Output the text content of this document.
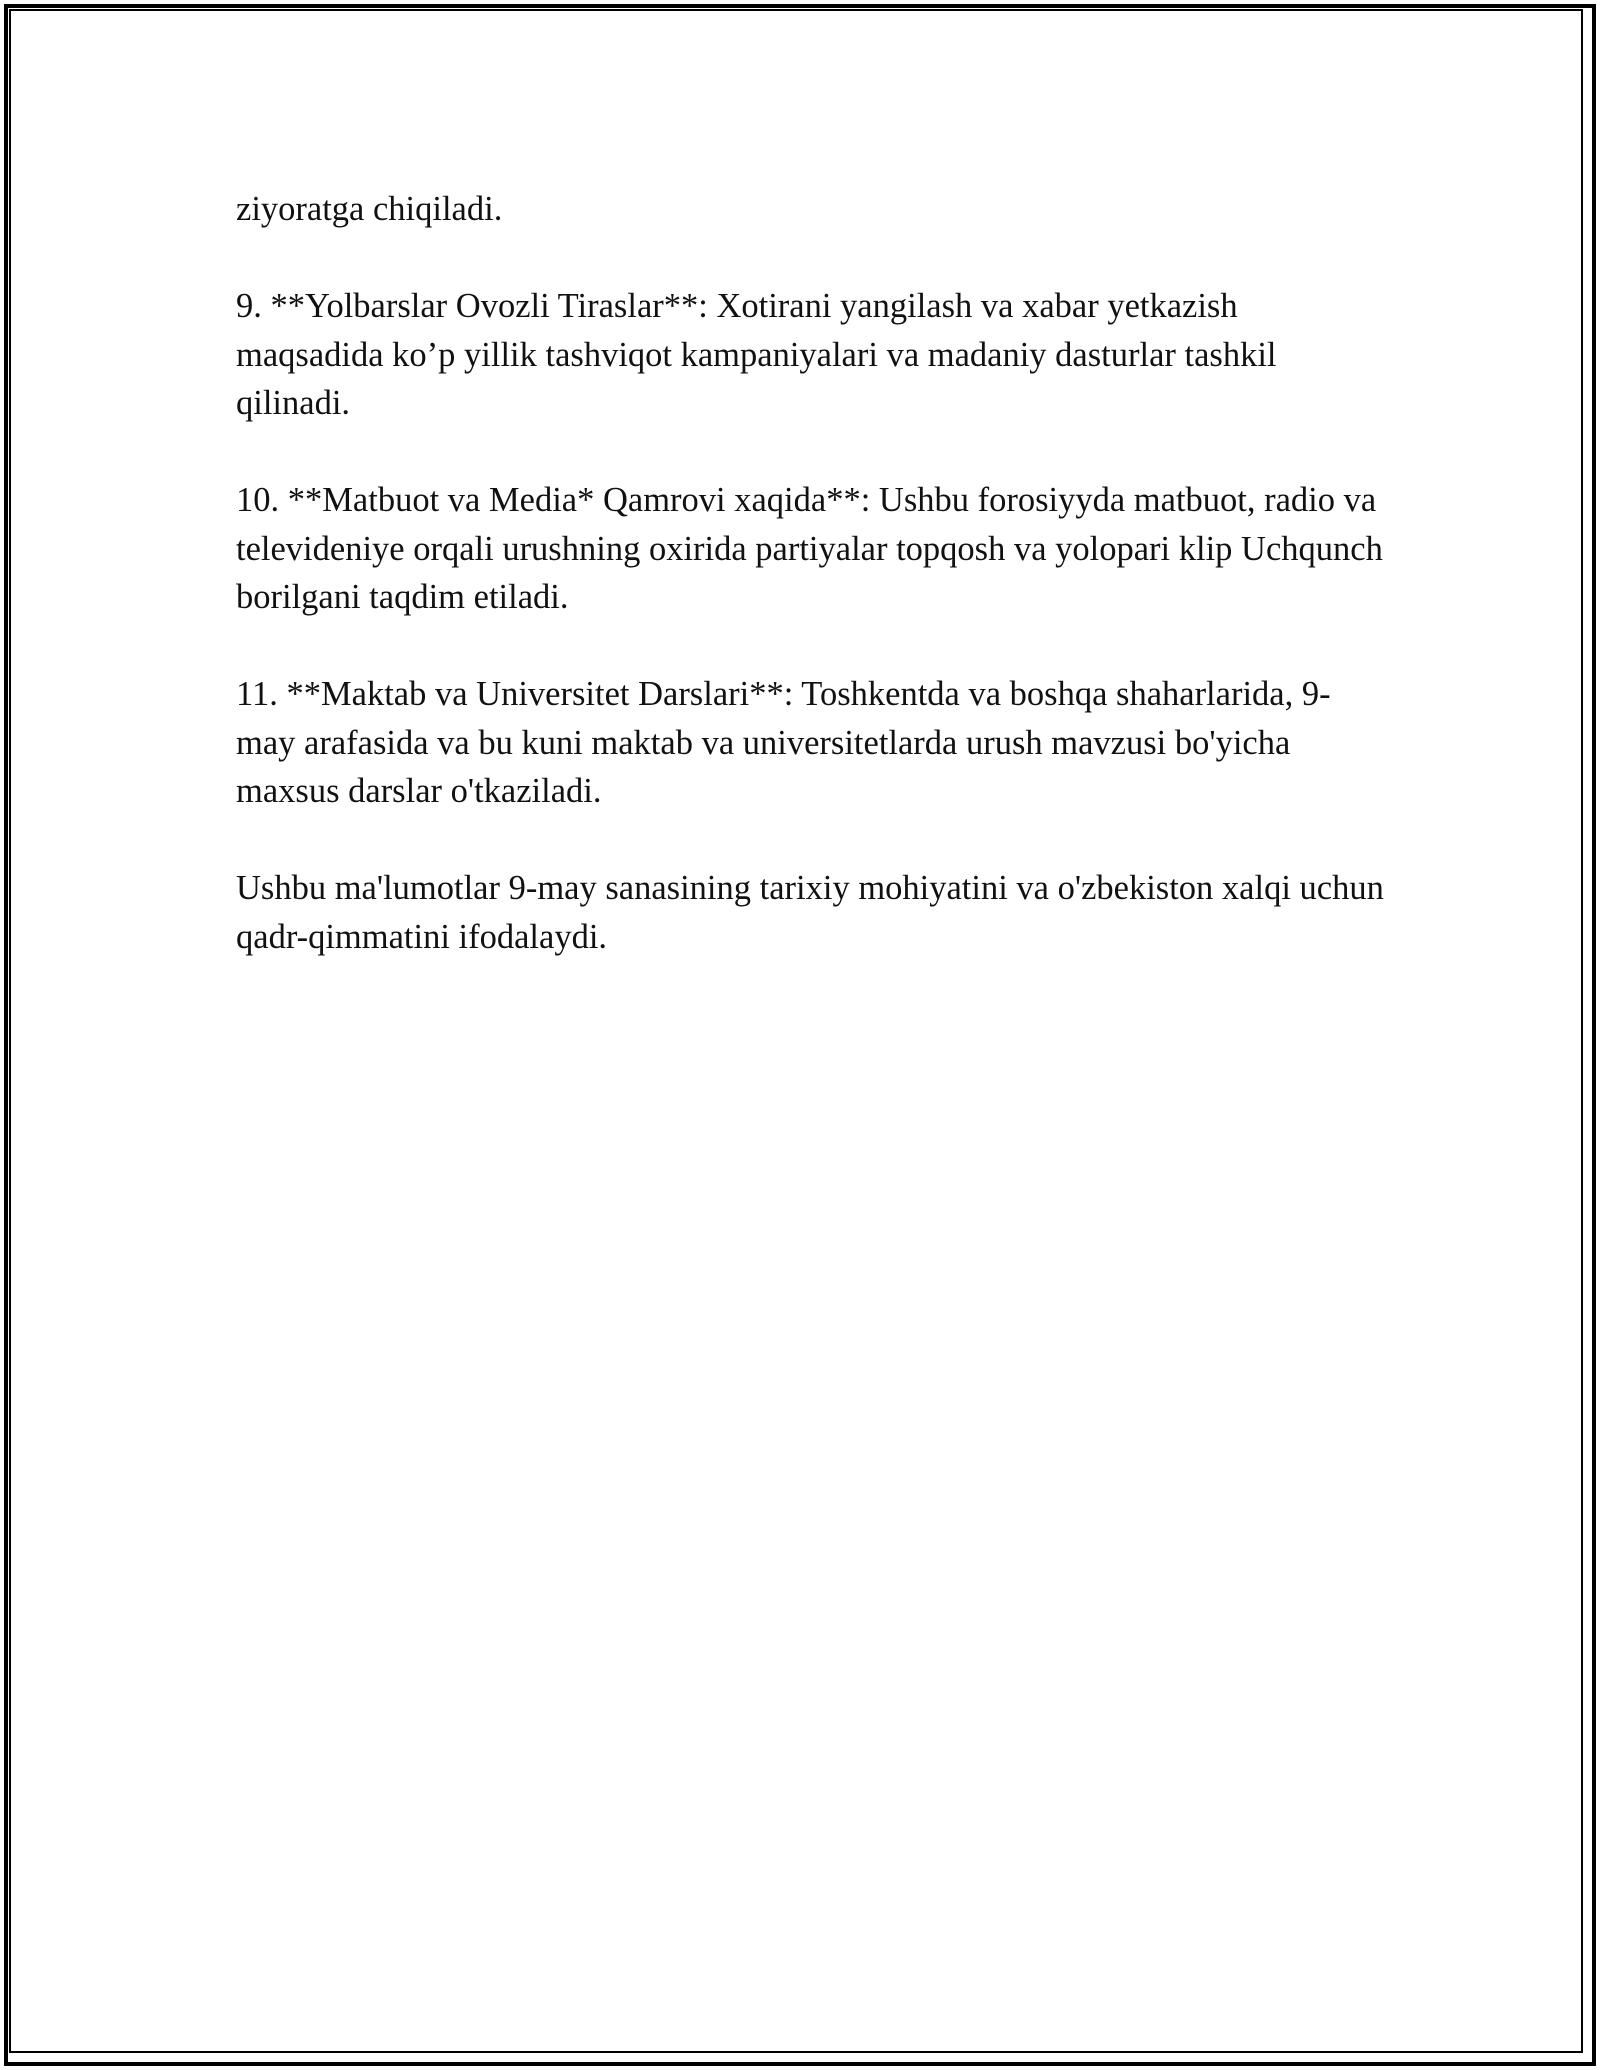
ziyoratga chiqiladi.

9. **Yolbarslar Ovozli Tiraslar**: Xotirani yangilash va xabar yetkazish maqsadida ko’p yillik tashviqot kampaniyalari va madaniy dasturlar tashkil qilinadi.

10. **Matbuot va Media* Qamrovi xaqida**: Ushbu forosiyyda matbuot, radio va televideniye orqali urushning oxirida partiyalar topqosh va yolopari klip Uchqunch borilgani taqdim etiladi.

11. **Maktab va Universitet Darslari**: Toshkentda va boshqa shaharlarida, 9-may arafasida va bu kuni maktab va universitetlarda urush mavzusi bo'yicha maxsus darslar o'tkaziladi.

Ushbu ma'lumotlar 9-may sanasining tarixiy mohiyatini va o'zbekiston xalqi uchun qadr-qimmatini ifodalaydi.
